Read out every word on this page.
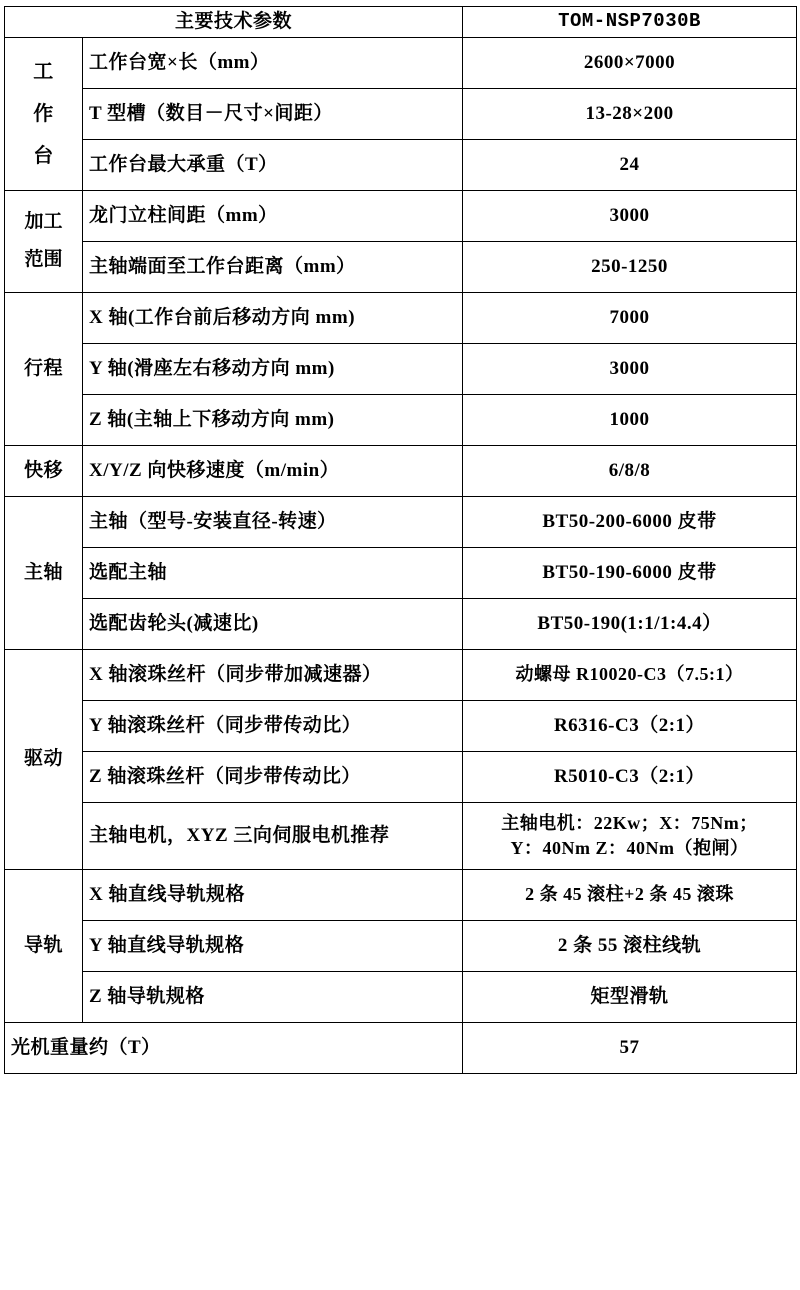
主要技术参数		TOM-NSP7030B

工
作
台	工作台宽×长（mm）	2600×7000
	T 型槽（数目－尺寸×间距）	13-28×200
	工作台最大承重（T）	24

加工
范围	龙门立柱间距（mm）	3000
	主轴端面至工作台距离（mm）	250-1250
行程	X 轴(工作台前后移动方向 mm)	7000
	Y 轴(滑座左右移动方向 mm)	3000
	Z 轴(主轴上下移动方向 mm)	1000
快移	X/Y/Z 向快移速度（m/min）	6/8/8
主轴	主轴（型号-安装直径-转速）	BT50-200-6000 皮带
	选配主轴	BT50-190-6000 皮带
	选配齿轮头(减速比)	BT50-190(1:1/1:4.4）
驱动	X 轴滚珠丝杆（同步带加减速器）	动螺母 R10020-C3（7.5:1）
	Y 轴滚珠丝杆（同步带传动比）	R6316-C3（2:1）
	Z 轴滚珠丝杆（同步带传动比）	R5010-C3（2:1）
	主轴电机，XYZ 三向伺服电机推荐	主轴电机：22Kw；X：75Nm；
Y：40Nm Z：40Nm（抱闸）

导轨	X 轴直线导轨规格	2 条 45 滚柱+2 条 45 滚珠
	Y 轴直线导轨规格	2 条 55 滚柱线轨
	Z 轴导轨规格	矩型滑轨
光机重量约（T）		57
